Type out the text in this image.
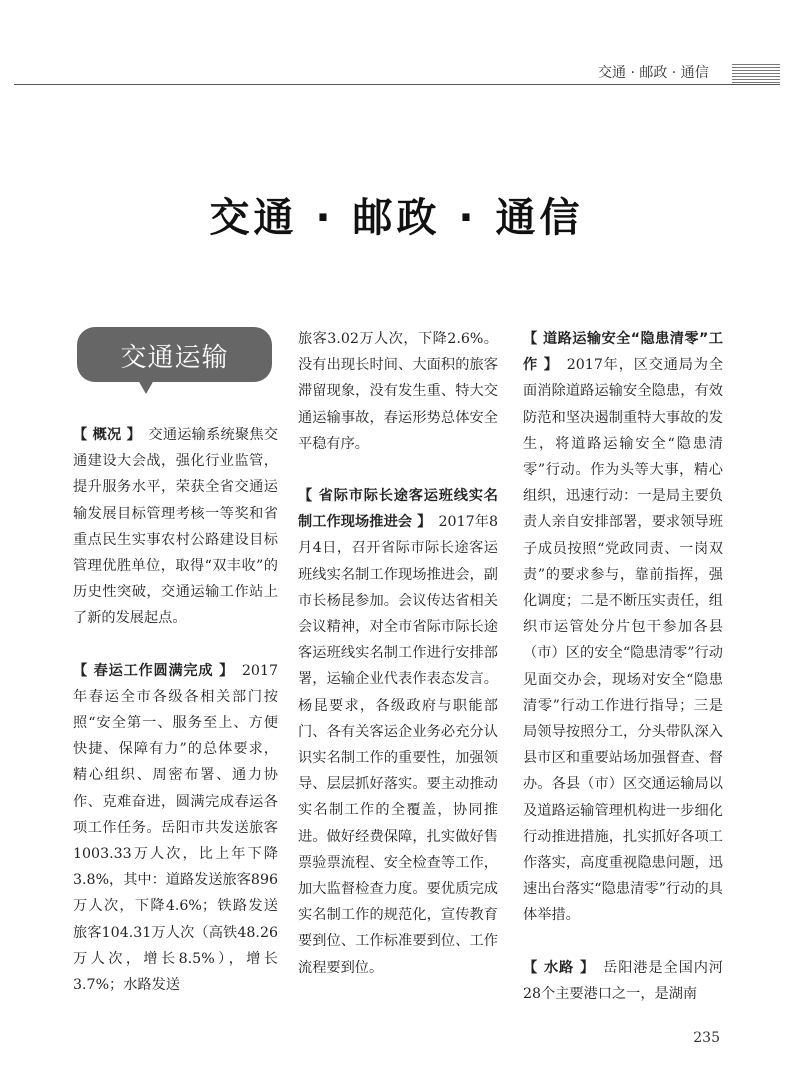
交通 · 邮政 · 通信
交通 · 邮政 · 通信
交通运输

【 概况 】　交通运输系统聚焦交通建设大会战，强化行业监管，提升服务水平，荣获全省交通运输发展目标管理考核一等奖和省重点民生实事农村公路建设目标管理优胜单位，取得“双丰收”的历史性突破，交通运输工作站上了新的发展起点。

【 春运工作圆满完成 】　2017年春运全市各级各相关部门按照“安全第一、服务至上、方便快捷、保障有力”的总体要求，精心组织、周密布署、通力协作、克难奋进，圆满完成春运各项工作任务。岳阳市共发送旅客1003.33万人次，比上年下降3.8%，其中：道路发送旅客896万人次，下降4.6%；铁路发送旅客104.31万人次（高铁48.26万人次，增长8.5%），增长3.7%；水路发送

旅客3.02万人次，下降2.6%。没有出现长时间、大面积的旅客滞留现象，没有发生重、特大交通运输事故，春运形势总体安全平稳有序。

【 省际市际长途客运班线实名制工作现场推进会 】　2017年8月4日，召开省际市际长途客运班线实名制工作现场推进会，副市长杨昆参加。会议传达省相关会议精神，对全市省际市际长途客运班线实名制工作进行安排部署，运输企业代表作表态发言。杨昆要求，各级政府与职能部门、各有关客运企业务必充分认识实名制工作的重要性，加强领导、层层抓好落实。要主动推动实名制工作的全覆盖，协同推进。做好经费保障，扎实做好售票验票流程、安全检查等工作，加大监督检查力度。要优质完成实名制工作的规范化，宣传教育要到位、工作标准要到位、工作流程要到位。

【 道路运输安全“隐患清零”工作 】　2017年，区交通局为全面消除道路运输安全隐患，有效防范和坚决遏制重特大事故的发生，将道路运输安全“隐患清零”行动。作为头等大事，精心组织，迅速行动：一是局主要负责人亲自安排部署，要求领导班子成员按照“党政同责、一岗双责”的要求参与，靠前指挥，强化调度；二是不断压实责任，组织市运管处分片包干参加各县（市）区的安全“隐患清零”行动见面交办会，现场对安全“隐患清零”行动工作进行指导；三是局领导按照分工，分头带队深入县市区和重要站场加强督查、督办。各县（市）区交通运输局以及道路运输管理机构进一步细化行动推进措施，扎实抓好各项工作落实，高度重视隐患问题，迅速出台落实“隐患清零”行动的具体举措。

【 水路 】　岳阳港是全国内河28个主要港口之一，是湖南

235
